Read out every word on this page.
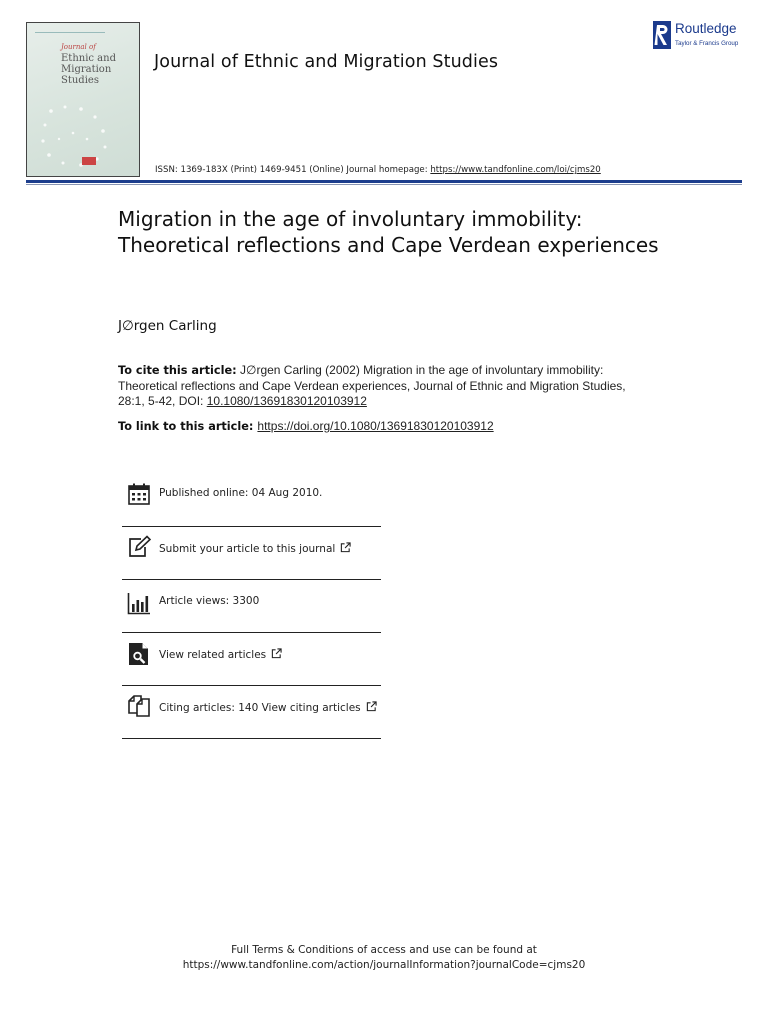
Journal of
Ethnic and
Migration
Studies
Journal of Ethnic and Migration Studies
ISSN: 1369-183X (Print) 1469-9451 (Online) Journal homepage: https://www.tandfonline.com/loi/cjms20
Routledge
Taylor & Francis Group
Migration in the age of involuntary immobility: Theoretical reflections and Cape Verdean experiences
J∅rgen Carling
To cite this article: J∅rgen Carling (2002) Migration in the age of involuntary immobility: Theoretical reflections and Cape Verdean experiences, Journal of Ethnic and Migration Studies, 28:1, 5-42, DOI: 10.1080/13691830120103912
To link to this article: https://doi.org/10.1080/13691830120103912
Published online: 04 Aug 2010.
Submit your article to this journal
Article views: 3300
View related articles
Citing articles: 140 View citing articles
Full Terms & Conditions of access and use can be found at
https://www.tandfonline.com/action/journalInformation?journalCode=cjms20
